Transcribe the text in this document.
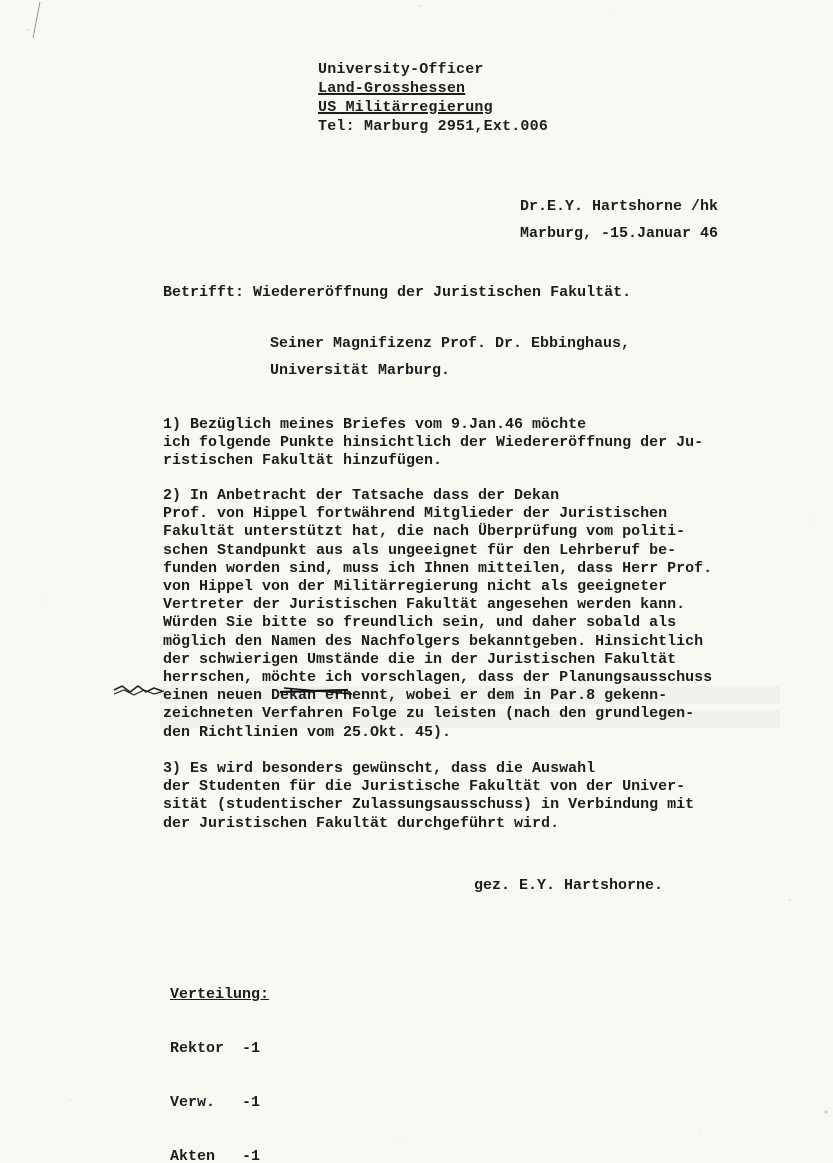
University-Officer
Land-Grosshessen
US Militärregierung
Tel: Marburg 2951,Ext.006
Dr.E.Y. Hartshorne /hk
Marburg, -15.Januar 46
Betrifft: Wiedereröffnung der Juristischen Fakultät.
Seiner Magnifizenz Prof. Dr. Ebbinghaus,
Universität Marburg.
1) Bezüglich meines Briefes vom 9.Jan.46 möchte
ich folgende Punkte hinsichtlich der Wiedereröffnung der Ju-
ristischen Fakultät hinzufügen.
2) In Anbetracht der Tatsache dass der Dekan
Prof. von Hippel fortwährend Mitglieder der Juristischen
Fakultät unterstützt hat, die nach Überprüfung vom politi-
schen Standpunkt aus als ungeeignet für den Lehrberuf be-
funden worden sind, muss ich Ihnen mitteilen, dass Herr Prof.
von Hippel von der Militärregierung nicht als geeigneter
Vertreter der Juristischen Fakultät angesehen werden kann.
Würden Sie bitte so freundlich sein, und daher sobald als
möglich den Namen des Nachfolgers bekanntgeben. Hinsichtlich
der schwierigen Umstände die in der Juristischen Fakultät
herrschen, möchte ich vorschlagen, dass der Planungsausschuss
einen neuen Dekan ernennt, wobei er dem in Par.8 gekenn-
zeichneten Verfahren Folge zu leisten (nach den grundlegen-
den Richtlinien vom 25.Okt. 45).
3) Es wird besonders gewünscht, dass die Auswahl
der Studenten für die Juristische Fakultät von der Univer-
sität (studentischer Zulassungsausschuss) in Verbindung mit
der Juristischen Fakultät durchgeführt wird.
gez. E.Y. Hartshorne.

Verteilung:

Rektor  -1

Verw.   -1

Akten   -1
